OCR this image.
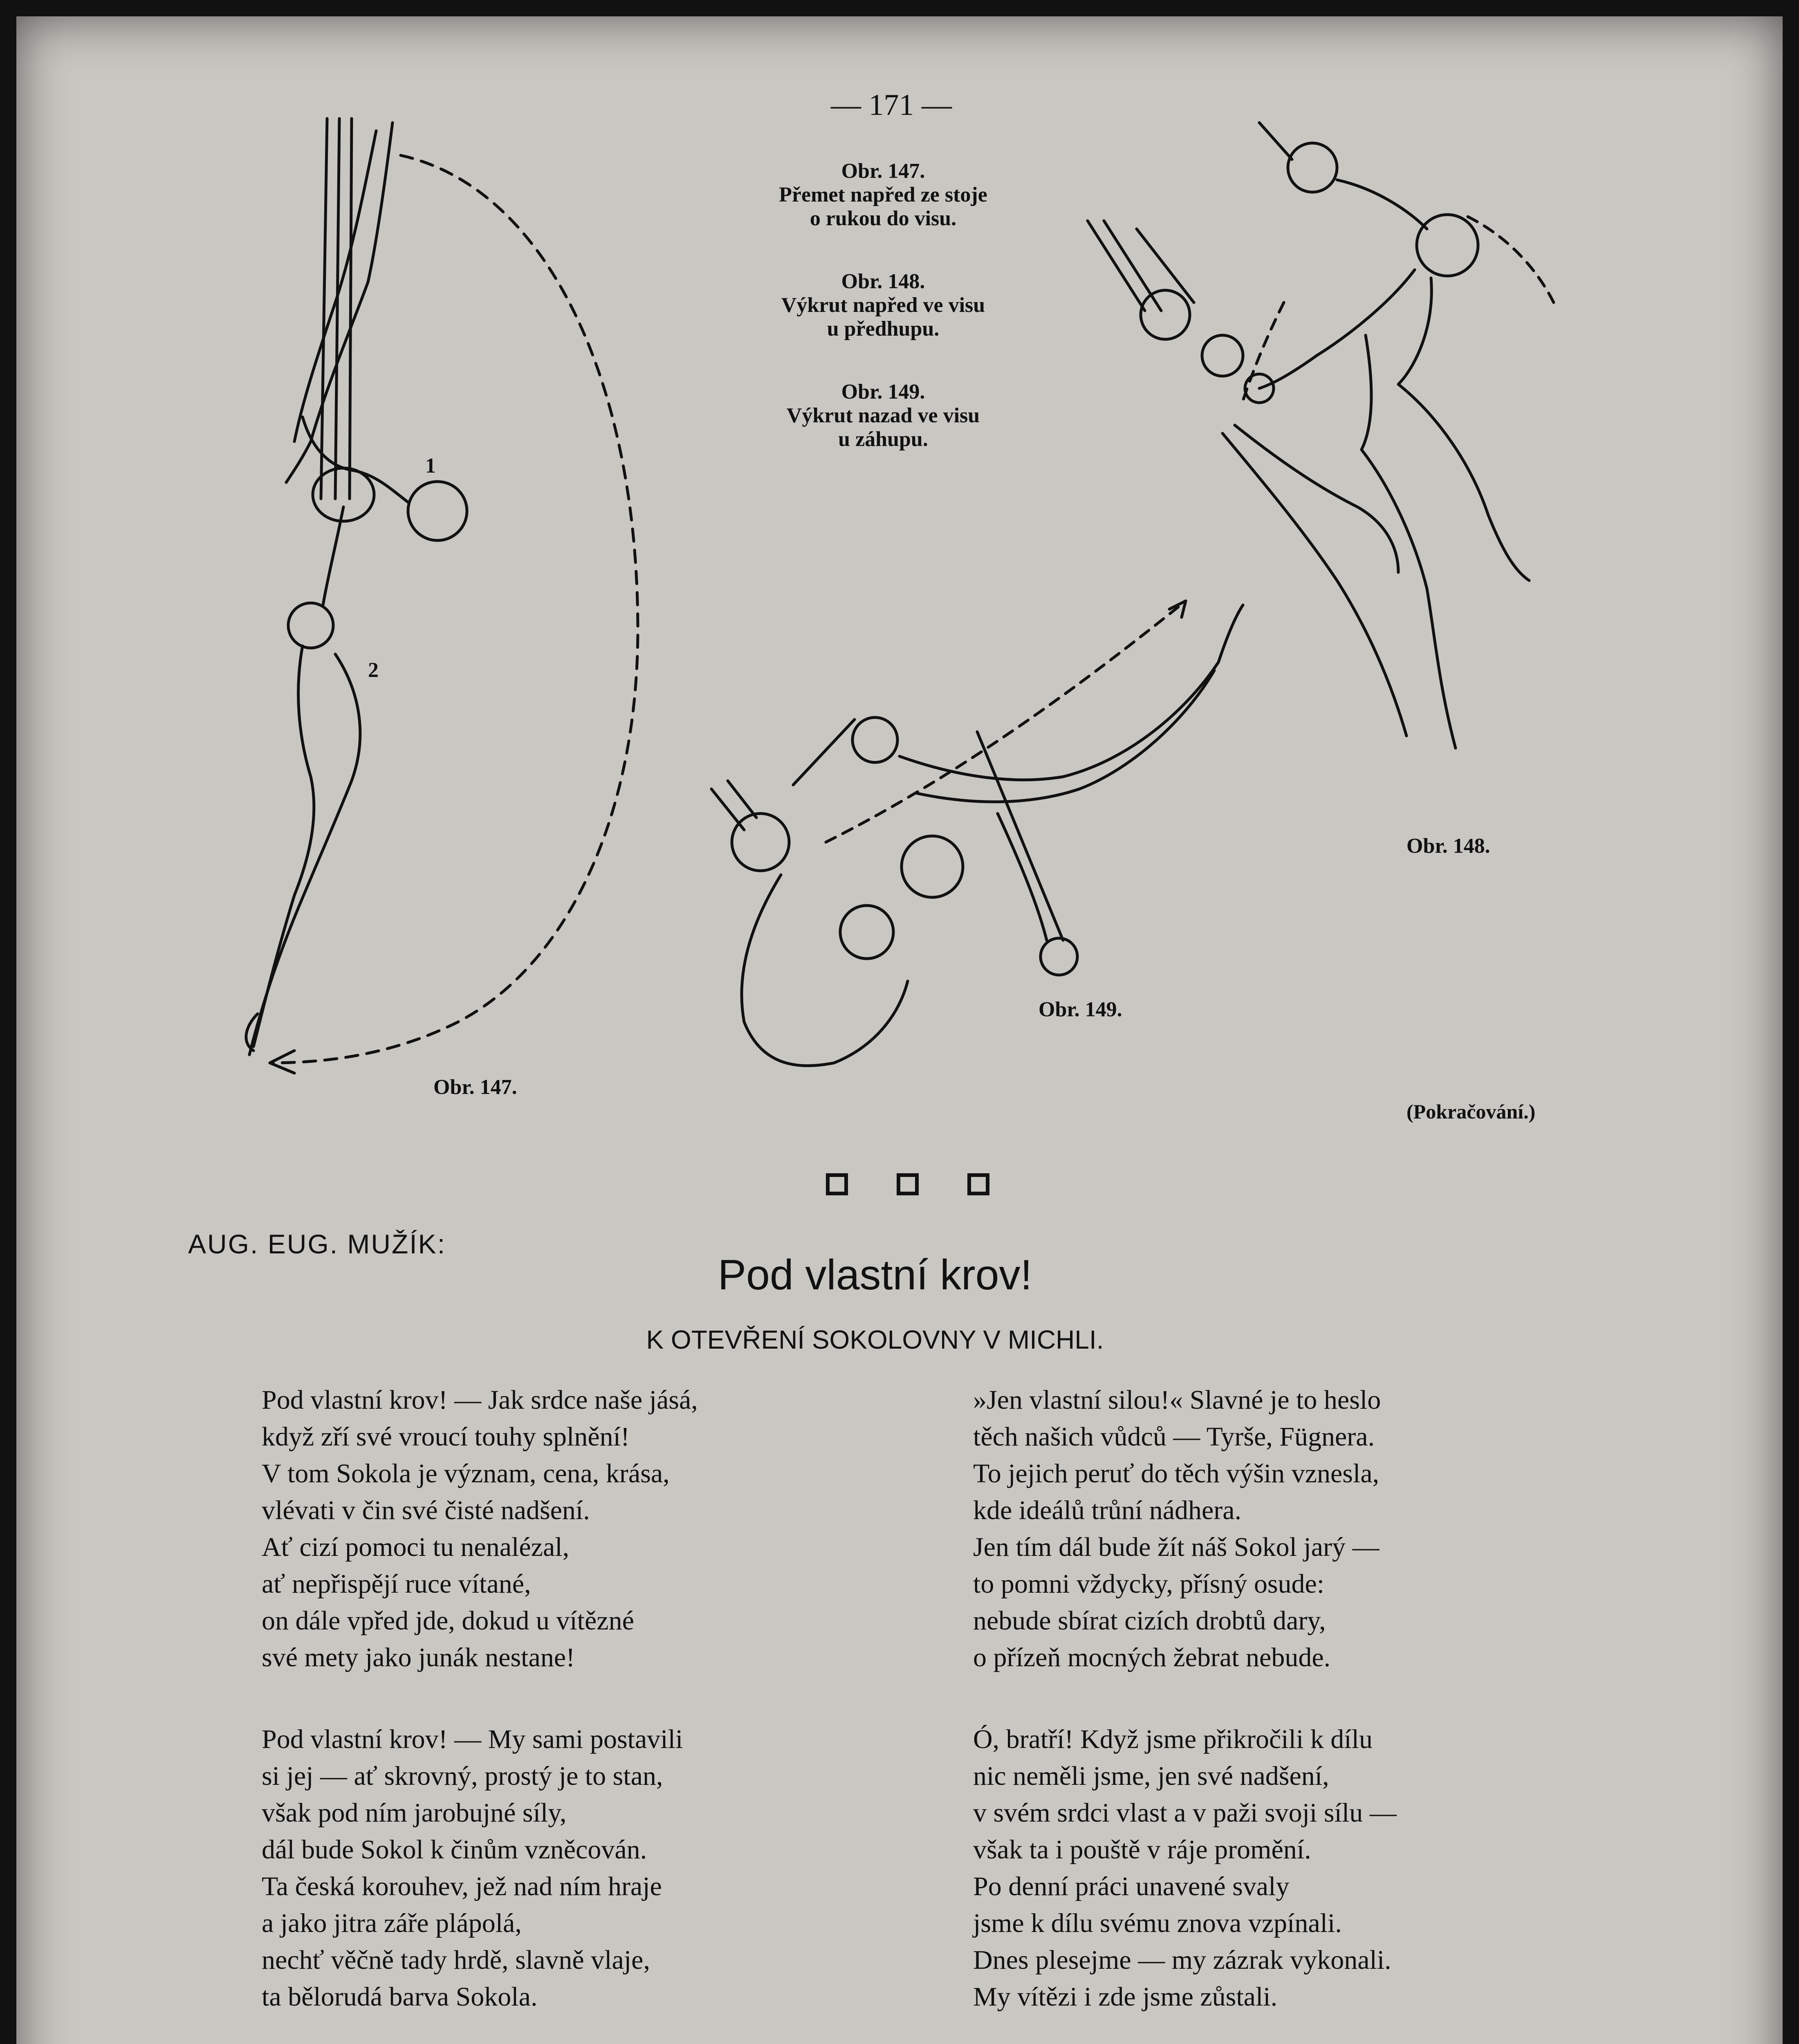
— 171 —
Obr. 147.
Přemet napřed ze stoje
o rukou do visu.
Obr. 148.
Výkrut napřed ve visu
u předhupu.
Obr. 149.
Výkrut nazad ve visu
u záhupu.
1
2
Obr. 147.
Obr. 149.
Obr. 148.
(Pokračování.)
AUG. EUG. MUŽÍK:
Pod vlastní krov!
K OTEVŘENÍ SOKOLOVNY V MICHLI.
Pod vlastní krov! — Jak srdce naše jásá,
když zří své vroucí touhy splnění!
V tom Sokola je význam, cena, krása,
vlévati v čin své čisté nadšení.
Ať cizí pomoci tu nenalézal,
ať nepřispějí ruce vítané,
on dále vpřed jde, dokud u vítězné
své mety jako junák nestane!
Pod vlastní krov! — My sami postavili
si jej — ať skrovný, prostý je to stan,
však pod ním jarobujné síly,
dál bude Sokol k činům vzněcován.
Ta česká korouhev, jež nad ním hraje
a jako jitra záře plápolá,
nechť věčně tady hrdě, slavně vlaje,
ta bělorudá barva Sokola.
»Jen vlastní silou!« Slavné je to heslo
těch našich vůdců — Tyrše, Fügnera.
To jejich peruť do těch výšin vznesla,
kde ideálů trůní nádhera.
Jen tím dál bude žít náš Sokol jarý —
to pomni vždycky, přísný osude:
nebude sbírat cizích drobtů dary,
o přízeň mocných žebrat nebude.
Ó, bratří! Když jsme přikročili k dílu
nic neměli jsme, jen své nadšení,
v svém srdci vlast a v paži svoji sílu —
však ta i pouště v ráje promění.
Po denní práci unavené svaly
jsme k dílu svému znova vzpínali.
Dnes plesejme — my zázrak vykonali.
My vítězi i zde jsme zůstali.
